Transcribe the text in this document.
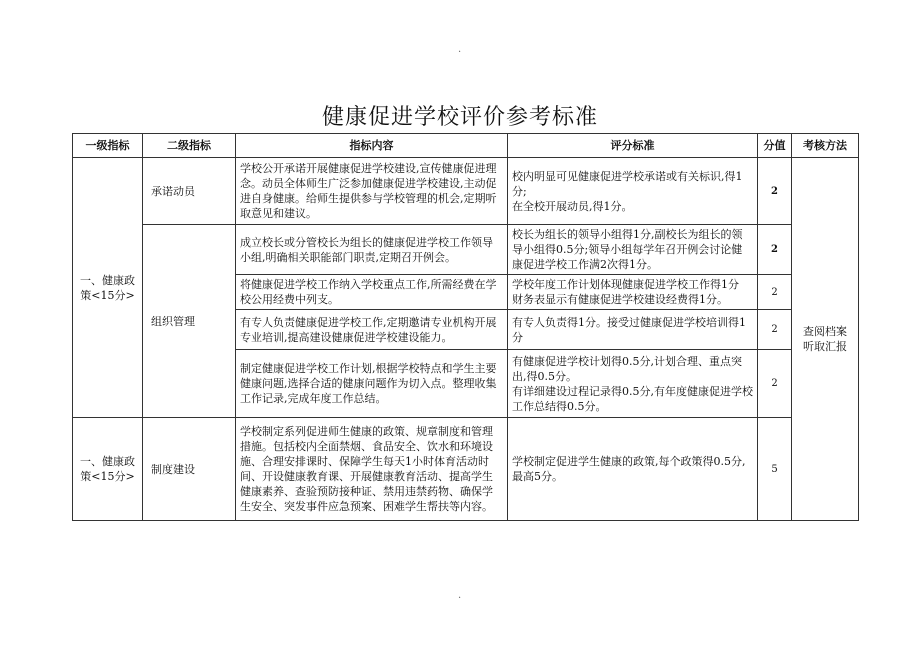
.
健康促进学校评价参考标准
一级指标	二级指标	指标内容	评分标准	分值	考核方法
一、健康政策<15分>	承诺动员	学校公开承诺开展健康促进学校建设,宣传健康促进理念。动员全体师生广泛参加健康促进学校建设,主动促进自身健康。给师生提供参与学校管理的机会,定期听取意见和建议。	校内明显可见健康促进学校承诺或有关标识,得1分;
在全校开展动员,得1分。	2	查阅档案听取汇报
	组织管理	成立校长或分管校长为组长的健康促进学校工作领导小组,明确相关职能部门职责,定期召开例会。	校长为组长的领导小组得1分,副校长为组长的领导小组得0.5分;领导小组每学年召开例会讨论健康促进学校工作满2次得1分。	2	
		将健康促进学校工作纳入学校重点工作,所需经费在学校公用经费中列支。	学校年度工作计划体现健康促进学校工作得1分 财务表显示有健康促进学校建设经费得1分。	2	
		有专人负责健康促进学校工作,定期邀请专业机构开展专业培训,提高建设健康促进学校建设能力。	有专人负责得1分。接受过健康促进学校培训得1分	2	
		制定健康促进学校工作计划,根据学校特点和学生主要健康问题,选择合适的健康问题作为切入点。整理收集工作记录,完成年度工作总结。	有健康促进学校计划得0.5分,计划合理、重点突出,得0.5分。
有详细建设过程记录得0.5分,有年度健康促进学校工作总结得0.5分。	2	
一、健康政策<15分>	制度建设	学校制定系列促进师生健康的政策、规章制度和管理措施。包括校内全面禁烟、食品安全、饮水和环境设施、合理安排课时、保障学生每天1小时体育活动时间、开设健康教育课、开展健康教育活动、提高学生健康素养、查验预防接种证、禁用违禁药物、确保学生安全、突发事件应急预案、困难学生帮扶等内容。	学校制定促进学生健康的政策,每个政策得0.5分,最高5分。	5	
.
